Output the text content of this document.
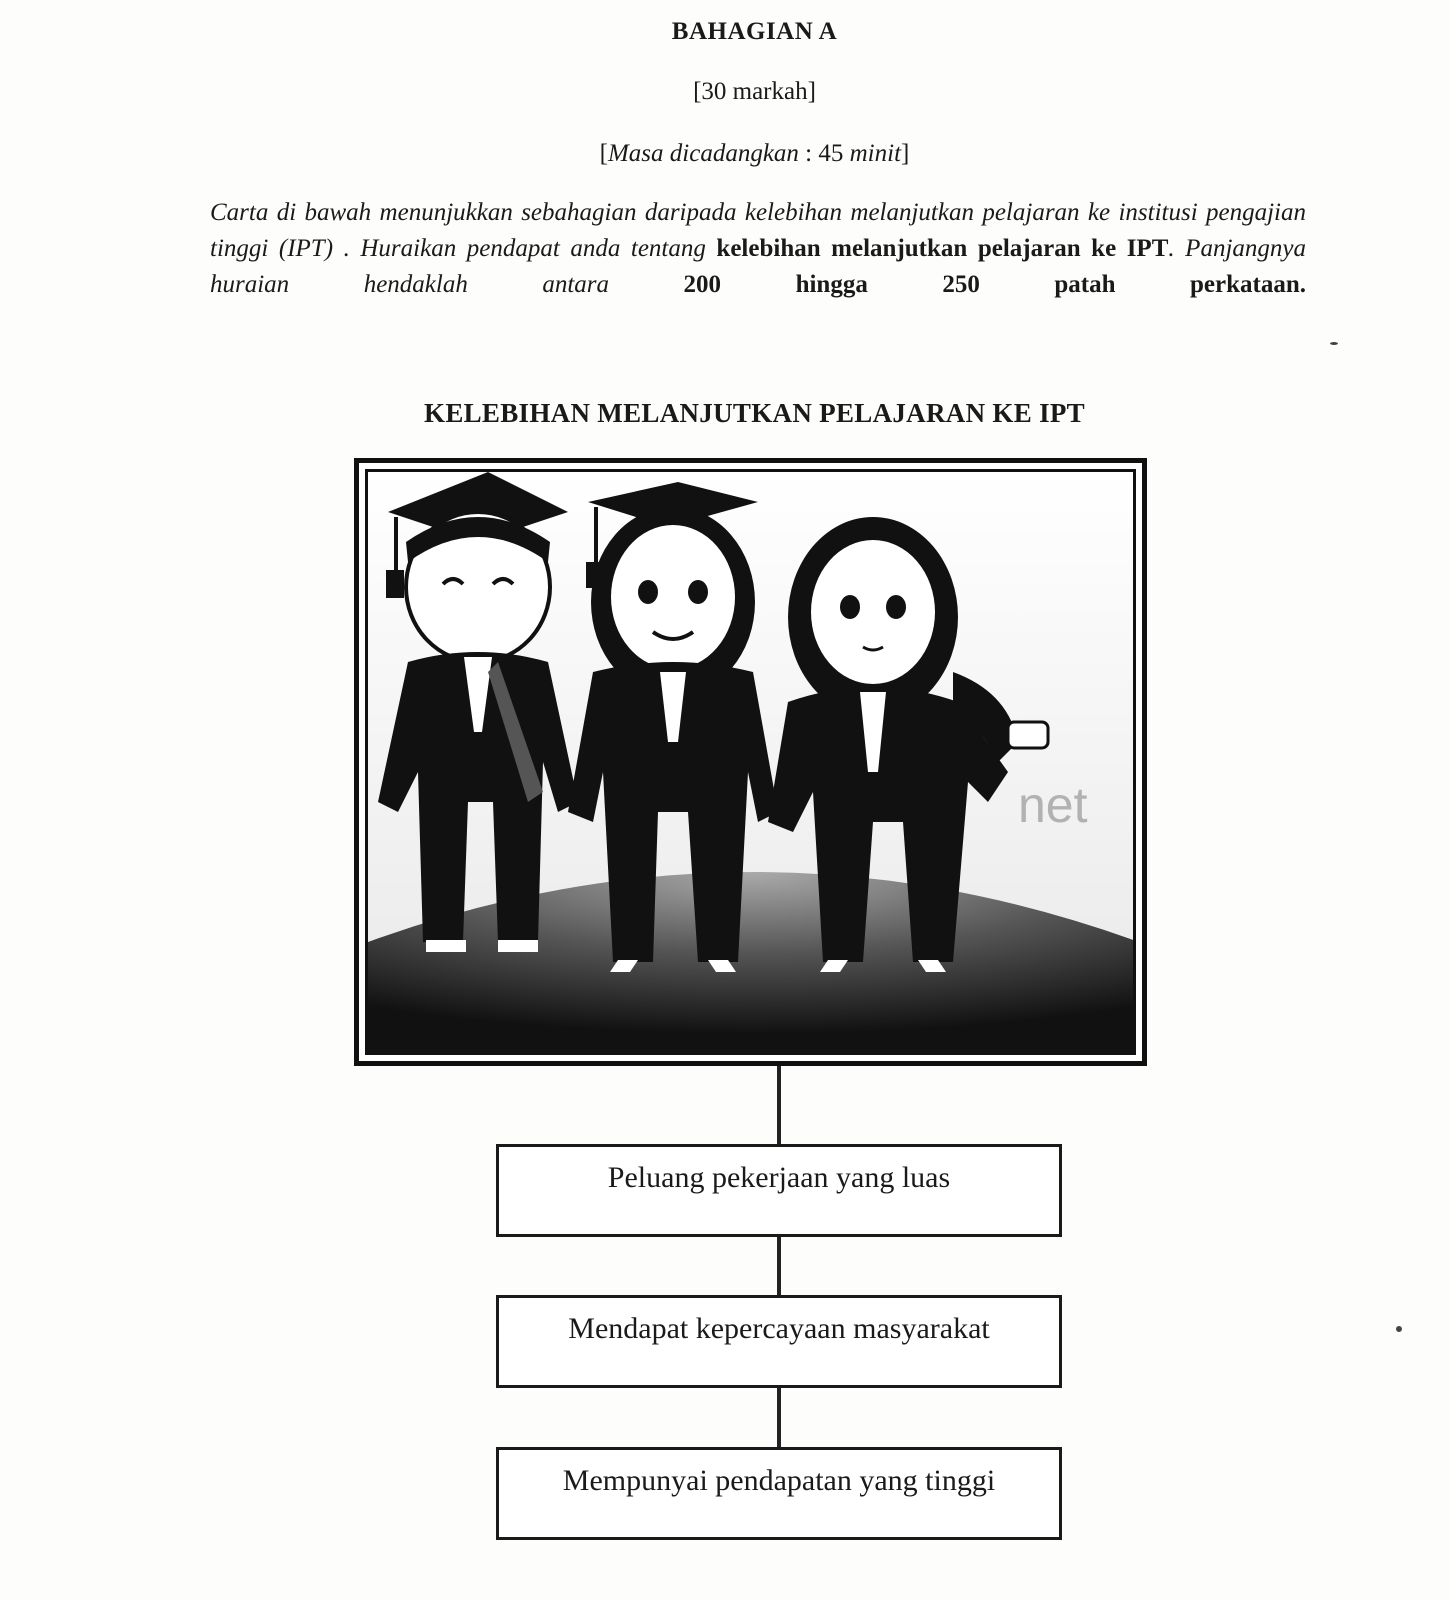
BAHAGIAN A
[30 markah]
[Masa dicadangkan : 45 minit]
Carta di bawah menunjukkan sebahagian daripada kelebihan melanjutkan pelajaran ke institusi pengajian tinggi (IPT) . Huraikan pendapat anda tentang kelebihan melanjutkan pelajaran ke IPT. Panjangnya huraian hendaklah antara 200 hingga 250 patah perkataan.
KELEBIHAN MELANJUTKAN PELAJARAN KE IPT
net
Peluang pekerjaan yang luas
Mendapat kepercayaan masyarakat
Mempunyai pendapatan yang tinggi
